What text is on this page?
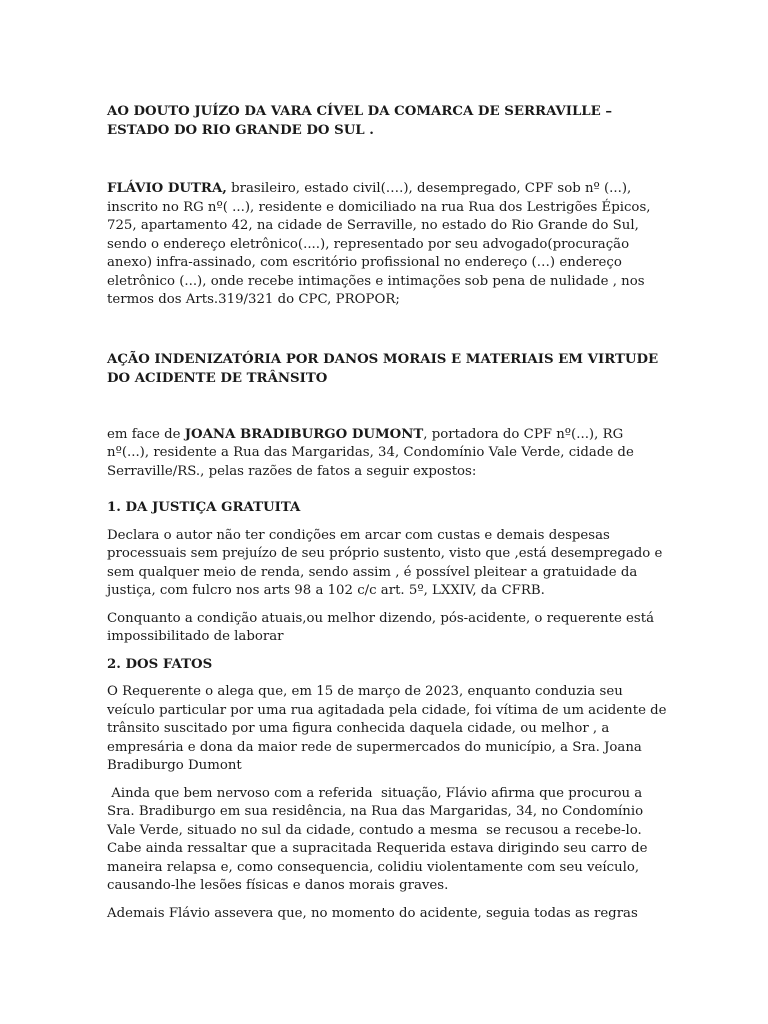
AO DOUTO JUÍZO DA VARA CÍVEL DA COMARCA DE SERRAVILLE – ESTADO DO RIO GRANDE DO SUL .

FLÁVIO DUTRA, brasileiro, estado civil(….), desempregado, CPF sob nº (...), inscrito no RG nº( ...), residente e domiciliado na rua Rua dos Lestrigões Épicos, 725, apartamento 42, na cidade de Serraville, no estado do Rio Grande do Sul, sendo o endereço eletrônico(....), representado por seu advogado(procuração anexo) infra-assinado, com escritório profissional no endereço (…) endereço eletrônico (...), onde recebe intimações e intimações sob pena de nulidade , nos termos dos Arts.319/321 do CPC, PROPOR;

AÇÃO INDENIZATÓRIA POR DANOS MORAIS E MATERIAIS EM VIRTUDE DO ACIDENTE DE TRÂNSITO

em face de JOANA BRADIBURGO DUMONT, portadora do CPF nº(...), RG nº(...), residente a Rua das Margaridas, 34, Condomínio Vale Verde, cidade de Serraville/RS., pelas razões de fatos a seguir expostos:

1. DA JUSTIÇA GRATUITA

Declara o autor não ter condições em arcar com custas e demais despesas processuais sem prejuízo de seu próprio sustento, visto que ,está desempregado e sem qualquer meio de renda, sendo assim , é possível pleitear a gratuidade da justiça, com fulcro nos arts 98 a 102 c/c art. 5º, LXXIV, da CFRB.

Conquanto a condição atuais,ou melhor dizendo, pós-acidente, o requerente está impossibilitado de laborar

2. DOS FATOS

O Requerente o alega que, em 15 de março de 2023, enquanto conduzia seu veículo particular por uma rua agitadada pela cidade, foi vítima de um acidente de trânsito suscitado por uma figura conhecida daquela cidade, ou melhor , a empresária e dona da maior rede de supermercados do município, a Sra. Joana Bradiburgo Dumont

Ainda que bem nervoso com a referida  situação, Flávio afirma que procurou a Sra. Bradiburgo em sua residência, na Rua das Margaridas, 34, no Condomínio Vale Verde, situado no sul da cidade, contudo a mesma  se recusou a recebe-lo. Cabe ainda ressaltar que a supracitada Requerida estava dirigindo seu carro de maneira relapsa e, como consequencia, colidiu violentamente com seu veículo, causando-lhe lesões físicas e danos morais graves.

Ademais Flávio assevera que, no momento do acidente, seguia todas as regras
